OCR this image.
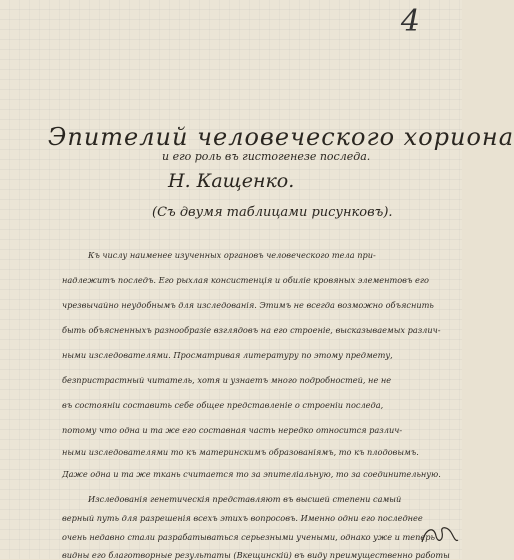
4
Эпителий человеческого хориона
и его роль въ гистогенезе последа.
Н. Кащенко.
(Съ двумя таблицами рисунковъ).
Къ числу наименее изученных органовъ человеческого тела при-
надлежитъ последъ. Его рыхлая консистенція и обиліе кровяных элементовъ его
чрезвычайно неудобнымъ для изследованія. Этимъ не всегда возможно объяснить
быть объясненныхъ разнообразіе взглядовъ на его строеніе, высказываемых различ-
ными изследователями. Просматривая литературу по этому предмету,
безпристрастный читатель, хотя и узнаетъ много подробностей, не не
въ состояніи составить себе общее представленіе о строеніи последа,
потому что одна и та же его составная часть нередко относится различ-
ными изследователями то къ материнскимъ образованіямъ, то къ плодовымъ.
Даже одна и та же ткань считается то за эпителіальную, то за соединительную.
Изследованія генетическія представляют въ высшей степени самый
верный путь для разрешенія всехъ этихъ вопросовъ. Именно одни его последнее
очень недавно стали разрабатываться серьезными учеными, однако уже и теперь
видны его благотворные результаты (Вкещинскiй) въ виду преимущественно работы
